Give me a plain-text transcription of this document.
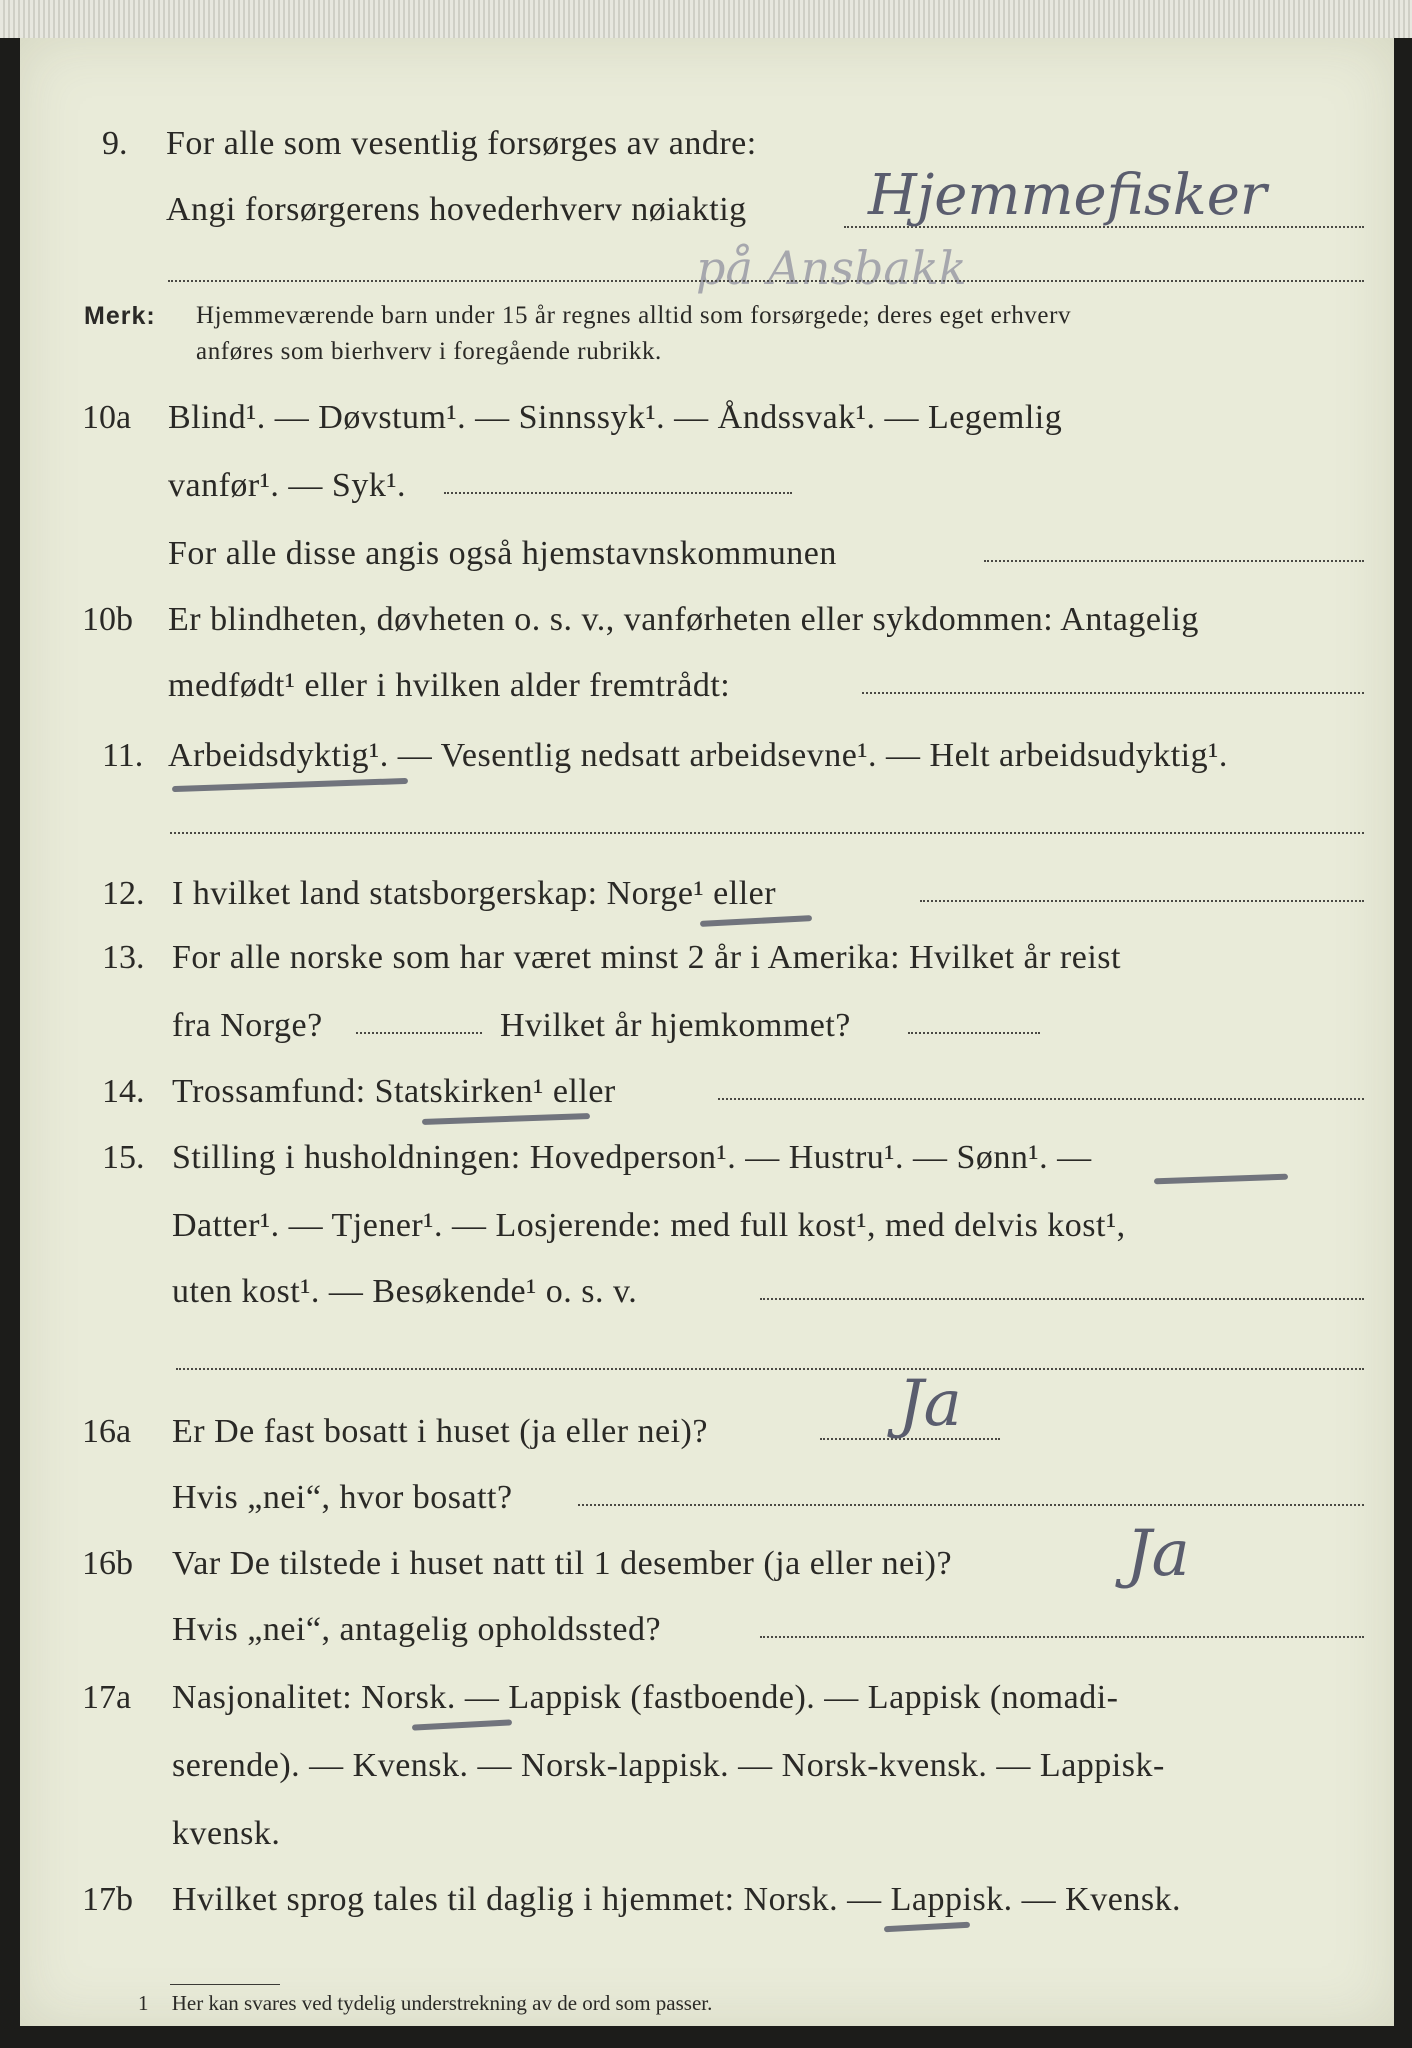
9. For alle som vesentlig forsørges av andre:
Angi forsørgerens hovederhverv nøiaktig Hjemmefisker
på Ansbakk
Merk: Hjemmeværende barn under 15 år regnes alltid som forsørgede; deres eget erhverv
anføres som bierhverv i foregående rubrikk.
10a Blind¹. — Døvstum¹. — Sinnssyk¹. — Åndssvak¹. — Legemlig
vanfør¹. — Syk¹.
For alle disse angis også hjemstavnskommunen
10b Er blindheten, døvheten o. s. v., vanførheten eller sykdommen: Antagelig
medfødt¹ eller i hvilken alder fremtrådt:
11. Arbeidsdyktig¹. — Vesentlig nedsatt arbeidsevne¹. — Helt arbeidsudyktig¹.
12. I hvilket land statsborgerskap: Norge¹ eller
13. For alle norske som har været minst 2 år i Amerika: Hvilket år reist
fra Norge?	Hvilket år hjemkommet?
14. Trossamfund: Statskirken¹ eller
15. Stilling i husholdningen: Hovedperson¹. — Hustru¹. — Sønn¹. —
Datter¹. — Tjener¹. — Losjerende: med full kost¹, med delvis kost¹,
uten kost¹. — Besøkende¹ o. s. v.
16a Er De fast bosatt i huset (ja eller nei)?	Ja
Hvis „nei“, hvor bosatt?
16b Var De tilstede i huset natt til 1 desember (ja eller nei)?	Ja
Hvis „nei“, antagelig opholdssted?
17a Nasjonalitet: Norsk. — Lappisk (fastboende). — Lappisk (nomadi-
serende). — Kvensk. — Norsk-lappisk. — Norsk-kvensk. — Lappisk-
kvensk.
17b Hvilket sprog tales til daglig i hjemmet: Norsk. — Lappisk. — Kvensk.
1 Her kan svares ved tydelig understrekning av de ord som passer.
